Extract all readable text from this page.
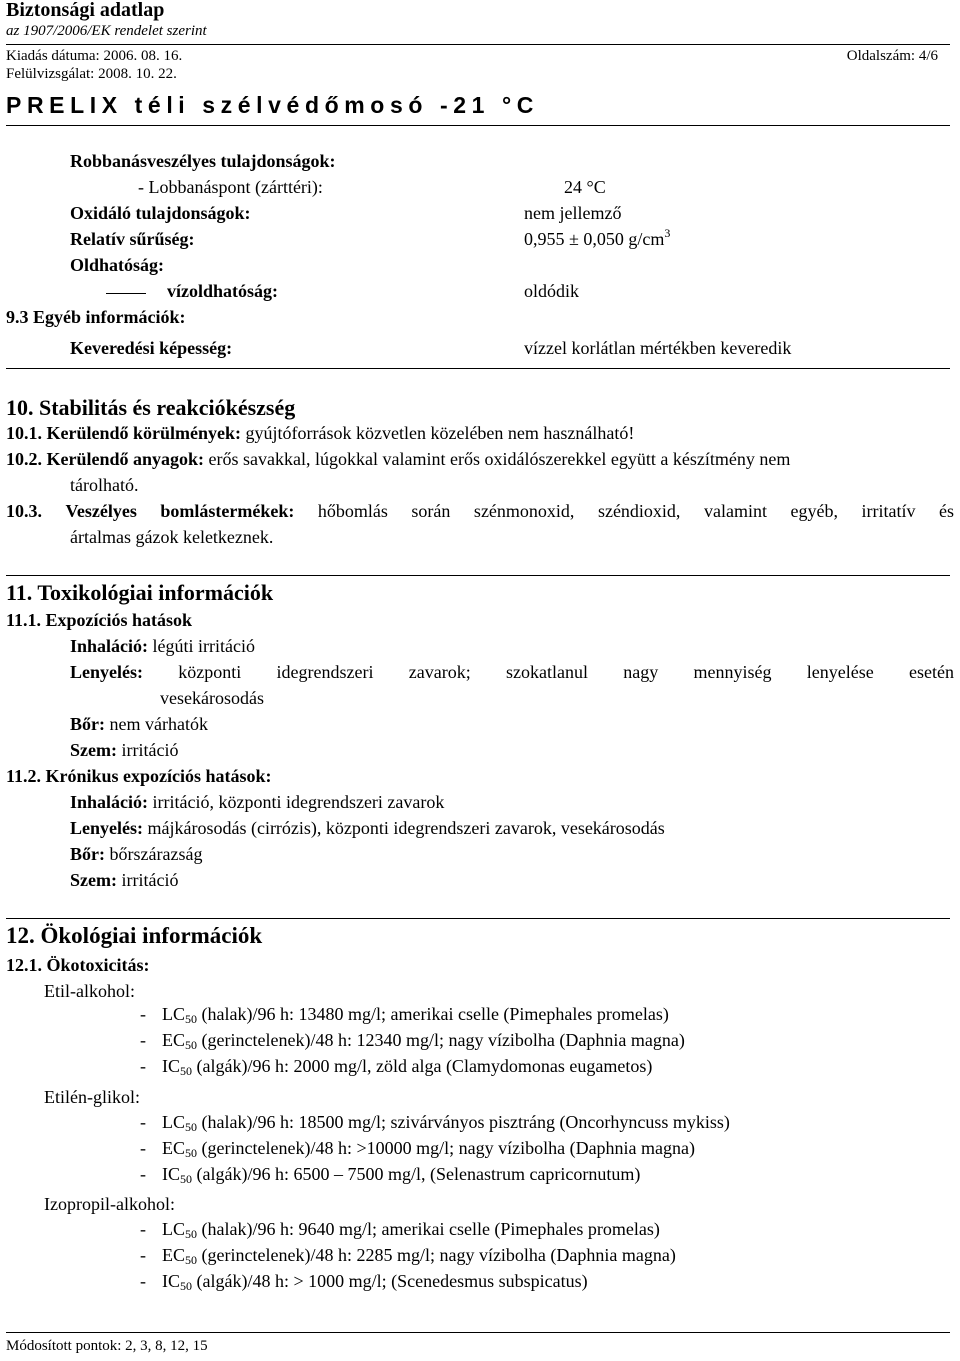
Biztonsági adatlap
az 1907/2006/EK rendelet szerint
Kiadás dátuma: 2006. 08. 16.	Oldalszám: 4/6
Felülvizsgálat: 2008. 10. 22.
PRELIX téli szélvédőmosó -21 °C
Robbanásveszélyes tulajdonságok:
- Lobbanáspont (zárttéri):	24 °C
Oxidáló tulajdonságok:	nem jellemző
Relatív sűrűség:	0,955 ± 0,050 $g/cm^3$
Oldhatóság:
vízoldhatóság:	oldódik
9.3 Egyéb információk:
Keveredési képesség:	vízzel korlátlan mértékben keveredik
10. Stabilitás és reakciókészség
10.1. Kerülendő körülmények: gyújtóforrások közvetlen közelében nem használható!
10.2. Kerülendő anyagok: erős savakkal, lúgokkal valamint erős oxidálószerekkel együtt a készítmény nem
tárolható.
10.3. Veszélyes bomlástermékek: hőbomlás során szénmonoxid, széndioxid, valamint egyéb, irritatív és
ártalmas gázok keletkeznek.
11. Toxikológiai információk
11.1. Expozíciós hatások
Inhaláció: légúti irritáció
Lenyelés: központi idegrendszeri zavarok; szokatlanul nagy mennyiség lenyelése esetén
vesekárosodás
Bőr: nem várhatók
Szem: irritáció
11.2. Krónikus expozíciós hatások:
Inhaláció: irritáció, központi idegrendszeri zavarok
Lenyelés: májkárosodás (cirrózis), központi idegrendszeri zavarok, vesekárosodás
Bőr: bőrszárazság
Szem: irritáció
12. Ökológiai információk
12.1. Ökotoxicitás:
Etil-alkohol:
- $LC_{50}$ (halak)/96 h: 13480 mg/l; amerikai cselle (Pimephales promelas)
- $EC_{50}$ (gerinctelenek)/48 h: 12340 mg/l; nagy vízibolha (Daphnia magna)
- $IC_{50}$ (algák)/96 h: 2000 mg/l, zöld alga (Clamydomonas eugametos)
Etilén-glikol:
- $LC_{50}$ (halak)/96 h: 18500 mg/l; szivárványos pisztráng (Oncorhyncuss mykiss)
- $EC_{50}$ (gerinctelenek)/48 h: >10000 mg/l; nagy vízibolha (Daphnia magna)
- $IC_{50}$ (algák)/96 h: 6500 – 7500 mg/l, (Selenastrum capricornutum)
Izopropil-alkohol:
- $LC_{50}$ (halak)/96 h: 9640 mg/l; amerikai cselle (Pimephales promelas)
- $EC_{50}$ (gerinctelenek)/48 h: 2285 mg/l; nagy vízibolha (Daphnia magna)
- $IC_{50}$ (algák)/48 h: > 1000 mg/l; (Scenedesmus subspicatus)
Módosított pontok: 2, 3, 8, 12, 15
